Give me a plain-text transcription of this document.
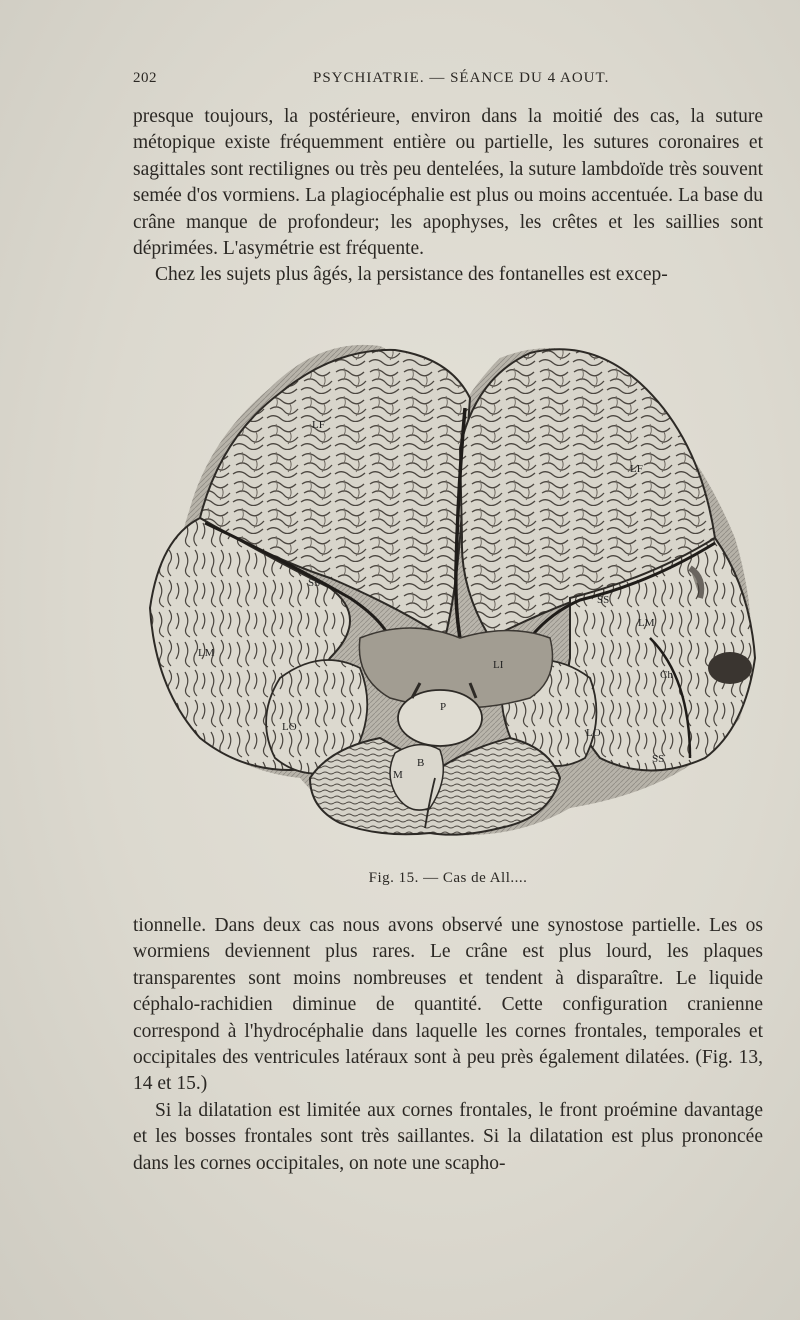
202	PSYCHIATRIE. — SÉANCE DU 4 AOUT.

presque toujours, la postérieure, environ dans la moitié des cas, la suture métopique existe fréquemment entière ou partielle, les sutures coronaires et sagittales sont rectilignes ou très peu dentelées, la suture lambdoïde très souvent semée d'os vormiens. La plagiocéphalie est plus ou moins accentuée. La base du crâne manque de profondeur; les apophyses, les crêtes et les saillies sont déprimées. L'asymétrie est fréquente.

Chez les sujets plus âgés, la persistance des fontanelles est excep-

LF
LF
SS
SS
LM
LM
LI
Ch
P
LO	LO
B
M
SS
Fig. 15. — Cas de All....

tionnelle. Dans deux cas nous avons observé une synostose partielle. Les os wormiens deviennent plus rares. Le crâne est plus lourd, les plaques transparentes sont moins nombreuses et tendent à disparaître. Le liquide céphalo-rachidien diminue de quantité. Cette configuration cranienne correspond à l'hydrocéphalie dans laquelle les cornes frontales, temporales et occipitales des ventricules latéraux sont à peu près également dilatées. (Fig. 13, 14 et 15.)

Si la dilatation est limitée aux cornes frontales, le front proémine davantage et les bosses frontales sont très saillantes. Si la dilatation est plus prononcée dans les cornes occipitales, on note une scapho-
